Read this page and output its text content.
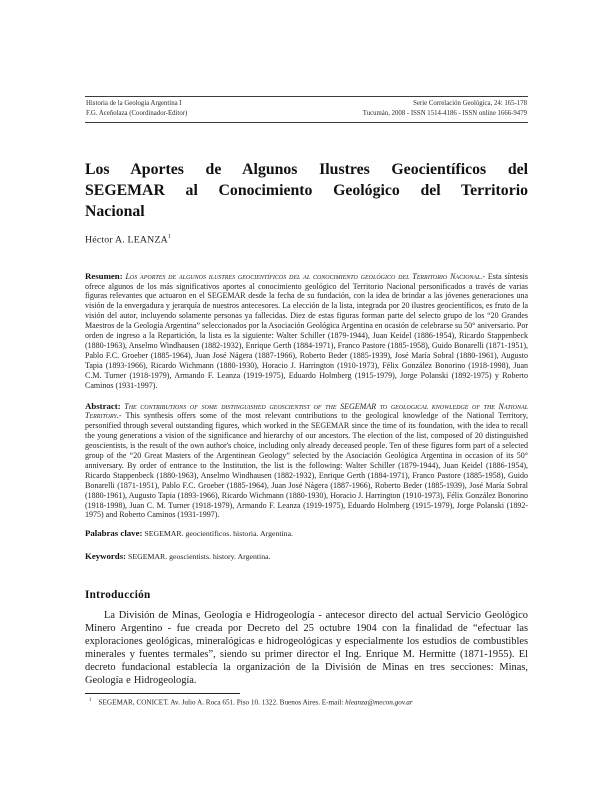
Historia de la Geología Argentina I
F.G. Aceñolaza (Coordinador-Editor)
Serie Correlación Geológica, 24: 165-178
Tucumán, 2008 - ISSN 1514-4186 - ISSN online 1666-9479
Los Aportes de Algunos Ilustres Geocientíficos del
SEGEMAR al Conocimiento Geológico del Territorio
Nacional
Héctor A. LEANZA$^1$

Resumen: Los aportes de algunos ilustres geocientíficos del al conocimiento geológico del Territorio Nacional.- Esta síntesis ofrece algunos de los más significativos aportes al conocimiento geológico del Territorio Nacional personificados a través de varias figuras relevantes que actuaron en el SEGEMAR desde la fecha de su fundación, con la idea de brindar a las jóvenes generaciones una visión de la envergadura y jerarquía de nuestros antecesores. La elección de la lista, integrada por 20 ilustres geocientíficos, es fruto de la visión del autor, incluyendo solamente personas ya fallecidas. Diez de estas figuras forman parte del selecto grupo de los “20 Grandes Maestros de la Geología Argentina” seleccionados por la Asociación Geológica Argentina en ocasión de celebrarse su 50° aniversario. Por orden de ingreso a la Repartición, la lista es la siguiente: Walter Schiller (1879-1944), Juan Keidel (1886-1954), Ricardo Stappenbeck (1880-1963), Anselmo Windhausen (1882-1932), Enrique Gerth (1884-1971), Franco Pastore (1885-1958), Guido Bonarelli (1871-1951), Pablo F.C. Groeber (1885-1964), Juan José Nágera (1887-1966), Roberto Beder (1885-1939), José María Sobral (1880-1961), Augusto Tapia (1893-1966), Ricardo Wichmann (1880-1930), Horacio J. Harrington (1910-1973), Félix González Bonorino (1918-1998), Juan C.M. Turner (1918-1979), Armando F. Leanza (1919-1975), Eduardo Holmberg (1915-1979), Jorge Polanski (1892-1975) y Roberto Caminos (1931-1997).

Abstract: The contributions of some distinguished geoscientist of the SEGEMAR to geological knowledge of the National Territory.- This synthesis offers some of the most relevant contributions to the geological knowledge of the National Territory, personified through several outstanding figures, which worked in the SEGEMAR since the time of its foundation, with the idea to recall the young generations a vision of the significance and hierarchy of our ancestors. The election of the list, composed of 20 distinguished geoscientists, is the result of the own author's choice, including only already deceased people. Ten of these figures form part of a selected group of the “20 Great Masters of the Argentinean Geology” selected by the Asociación Geológica Argentina in occasion of its 50° anniversary. By order of entrance to the Institution, the list is the following: Walter Schiller (1879-1944), Juan Keidel (1886-1954), Ricardo Stappenbeck (1880-1963), Anselmo Windhausen (1882-1932), Enrique Gerth (1884-1971), Franco Pastore (1885-1958), Guido Bonarelli (1871-1951), Pablo F.C. Groeber (1885-1964), Juan José Nágera (1887-1966), Roberto Beder (1885-1939), José María Sobral (1880-1961), Augusto Tapia (1893-1966), Ricardo Wichmann (1880-1930), Horacio J. Harrington (1910-1973), Félix González Bonorino (1918-1998), Juan C. M. Turner (1918-1979), Armando F. Leanza (1919-1975), Eduardo Holmberg (1915-1979), Jorge Polanski (1892-1975) and Roberto Caminos (1931-1997).

Palabras clave: SEGEMAR. geocientíficos. historia. Argentina.

Keywords: SEGEMAR. geoscientists. history. Argentina.

Introducción

La División de Minas, Geología e Hidrogeología - antecesor directo del actual Servicio Geológico Minero Argentino - fue creada por Decreto del 25 octubre 1904 con la finalidad de “efectuar las exploraciones geológicas, mineralógicas e hidrogeológicas y especialmente los estudios de combustibles minerales y fuentes termales”, siendo su primer director el Ing. Enrique M. Hermitte (1871-1955). El decreto fundacional establecía la organización de la División de Minas en tres secciones: Minas, Geología e Hidrogeología.

$^1$ SEGEMAR, CONICET. Av. Julio A. Roca 651. Piso 10. 1322. Buenos Aires. E-mail: hleanza@mecon.gov.ar
